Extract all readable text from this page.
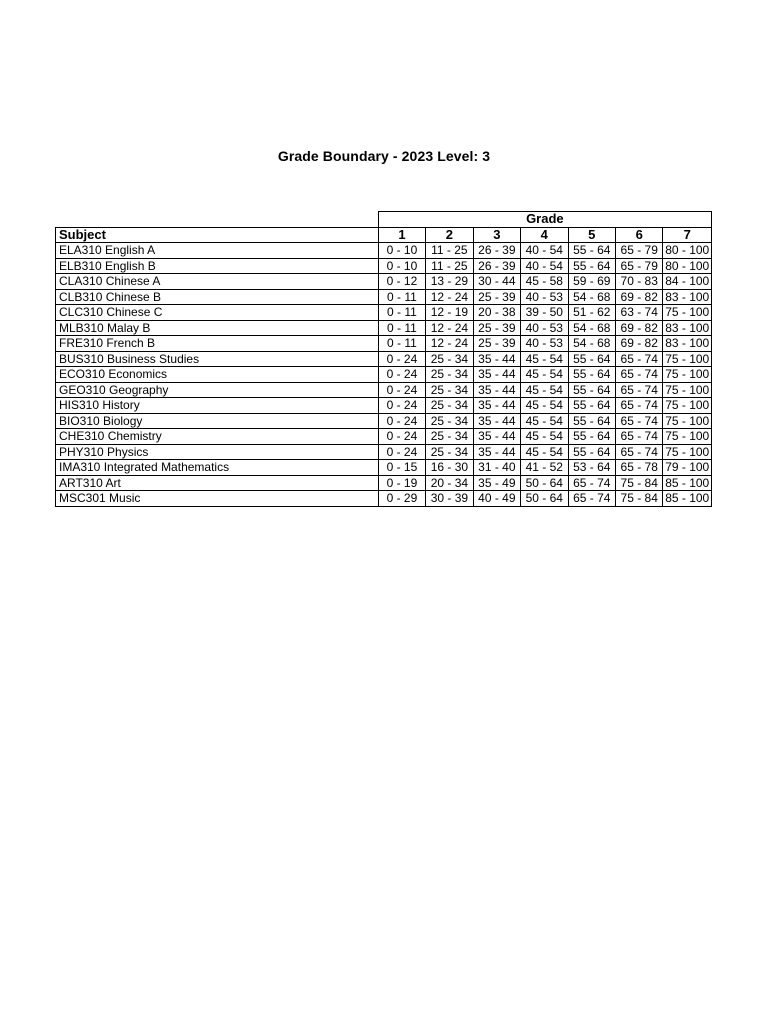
Grade Boundary - 2023 Level: 3
	Grade						
Subject	1	2	3	4	5	6	7
ELA310 English A	0 - 10	11 - 25	26 - 39	40 - 54	55 - 64	65 - 79	80 - 100
ELB310 English B	0 - 10	11 - 25	26 - 39	40 - 54	55 - 64	65 - 79	80 - 100
CLA310 Chinese A	0 - 12	13 - 29	30 - 44	45 - 58	59 - 69	70 - 83	84 - 100
CLB310 Chinese B	0 - 11	12 - 24	25 - 39	40 - 53	54 - 68	69 - 82	83 - 100
CLC310 Chinese C	0 - 11	12 - 19	20 - 38	39 - 50	51 - 62	63 - 74	75 - 100
MLB310 Malay B	0 - 11	12 - 24	25 - 39	40 - 53	54 - 68	69 - 82	83 - 100
FRE310 French B	0 - 11	12 - 24	25 - 39	40 - 53	54 - 68	69 - 82	83 - 100
BUS310 Business Studies	0 - 24	25 - 34	35 - 44	45 - 54	55 - 64	65 - 74	75 - 100
ECO310 Economics	0 - 24	25 - 34	35 - 44	45 - 54	55 - 64	65 - 74	75 - 100
GEO310 Geography	0 - 24	25 - 34	35 - 44	45 - 54	55 - 64	65 - 74	75 - 100
HIS310 History	0 - 24	25 - 34	35 - 44	45 - 54	55 - 64	65 - 74	75 - 100
BIO310 Biology	0 - 24	25 - 34	35 - 44	45 - 54	55 - 64	65 - 74	75 - 100
CHE310 Chemistry	0 - 24	25 - 34	35 - 44	45 - 54	55 - 64	65 - 74	75 - 100
PHY310 Physics	0 - 24	25 - 34	35 - 44	45 - 54	55 - 64	65 - 74	75 - 100
IMA310 Integrated Mathematics	0 - 15	16 - 30	31 - 40	41 - 52	53 - 64	65 - 78	79 - 100
ART310 Art	0 - 19	20 - 34	35 - 49	50 - 64	65 - 74	75 - 84	85 - 100
MSC301 Music	0 - 29	30 - 39	40 - 49	50 - 64	65 - 74	75 - 84	85 - 100
